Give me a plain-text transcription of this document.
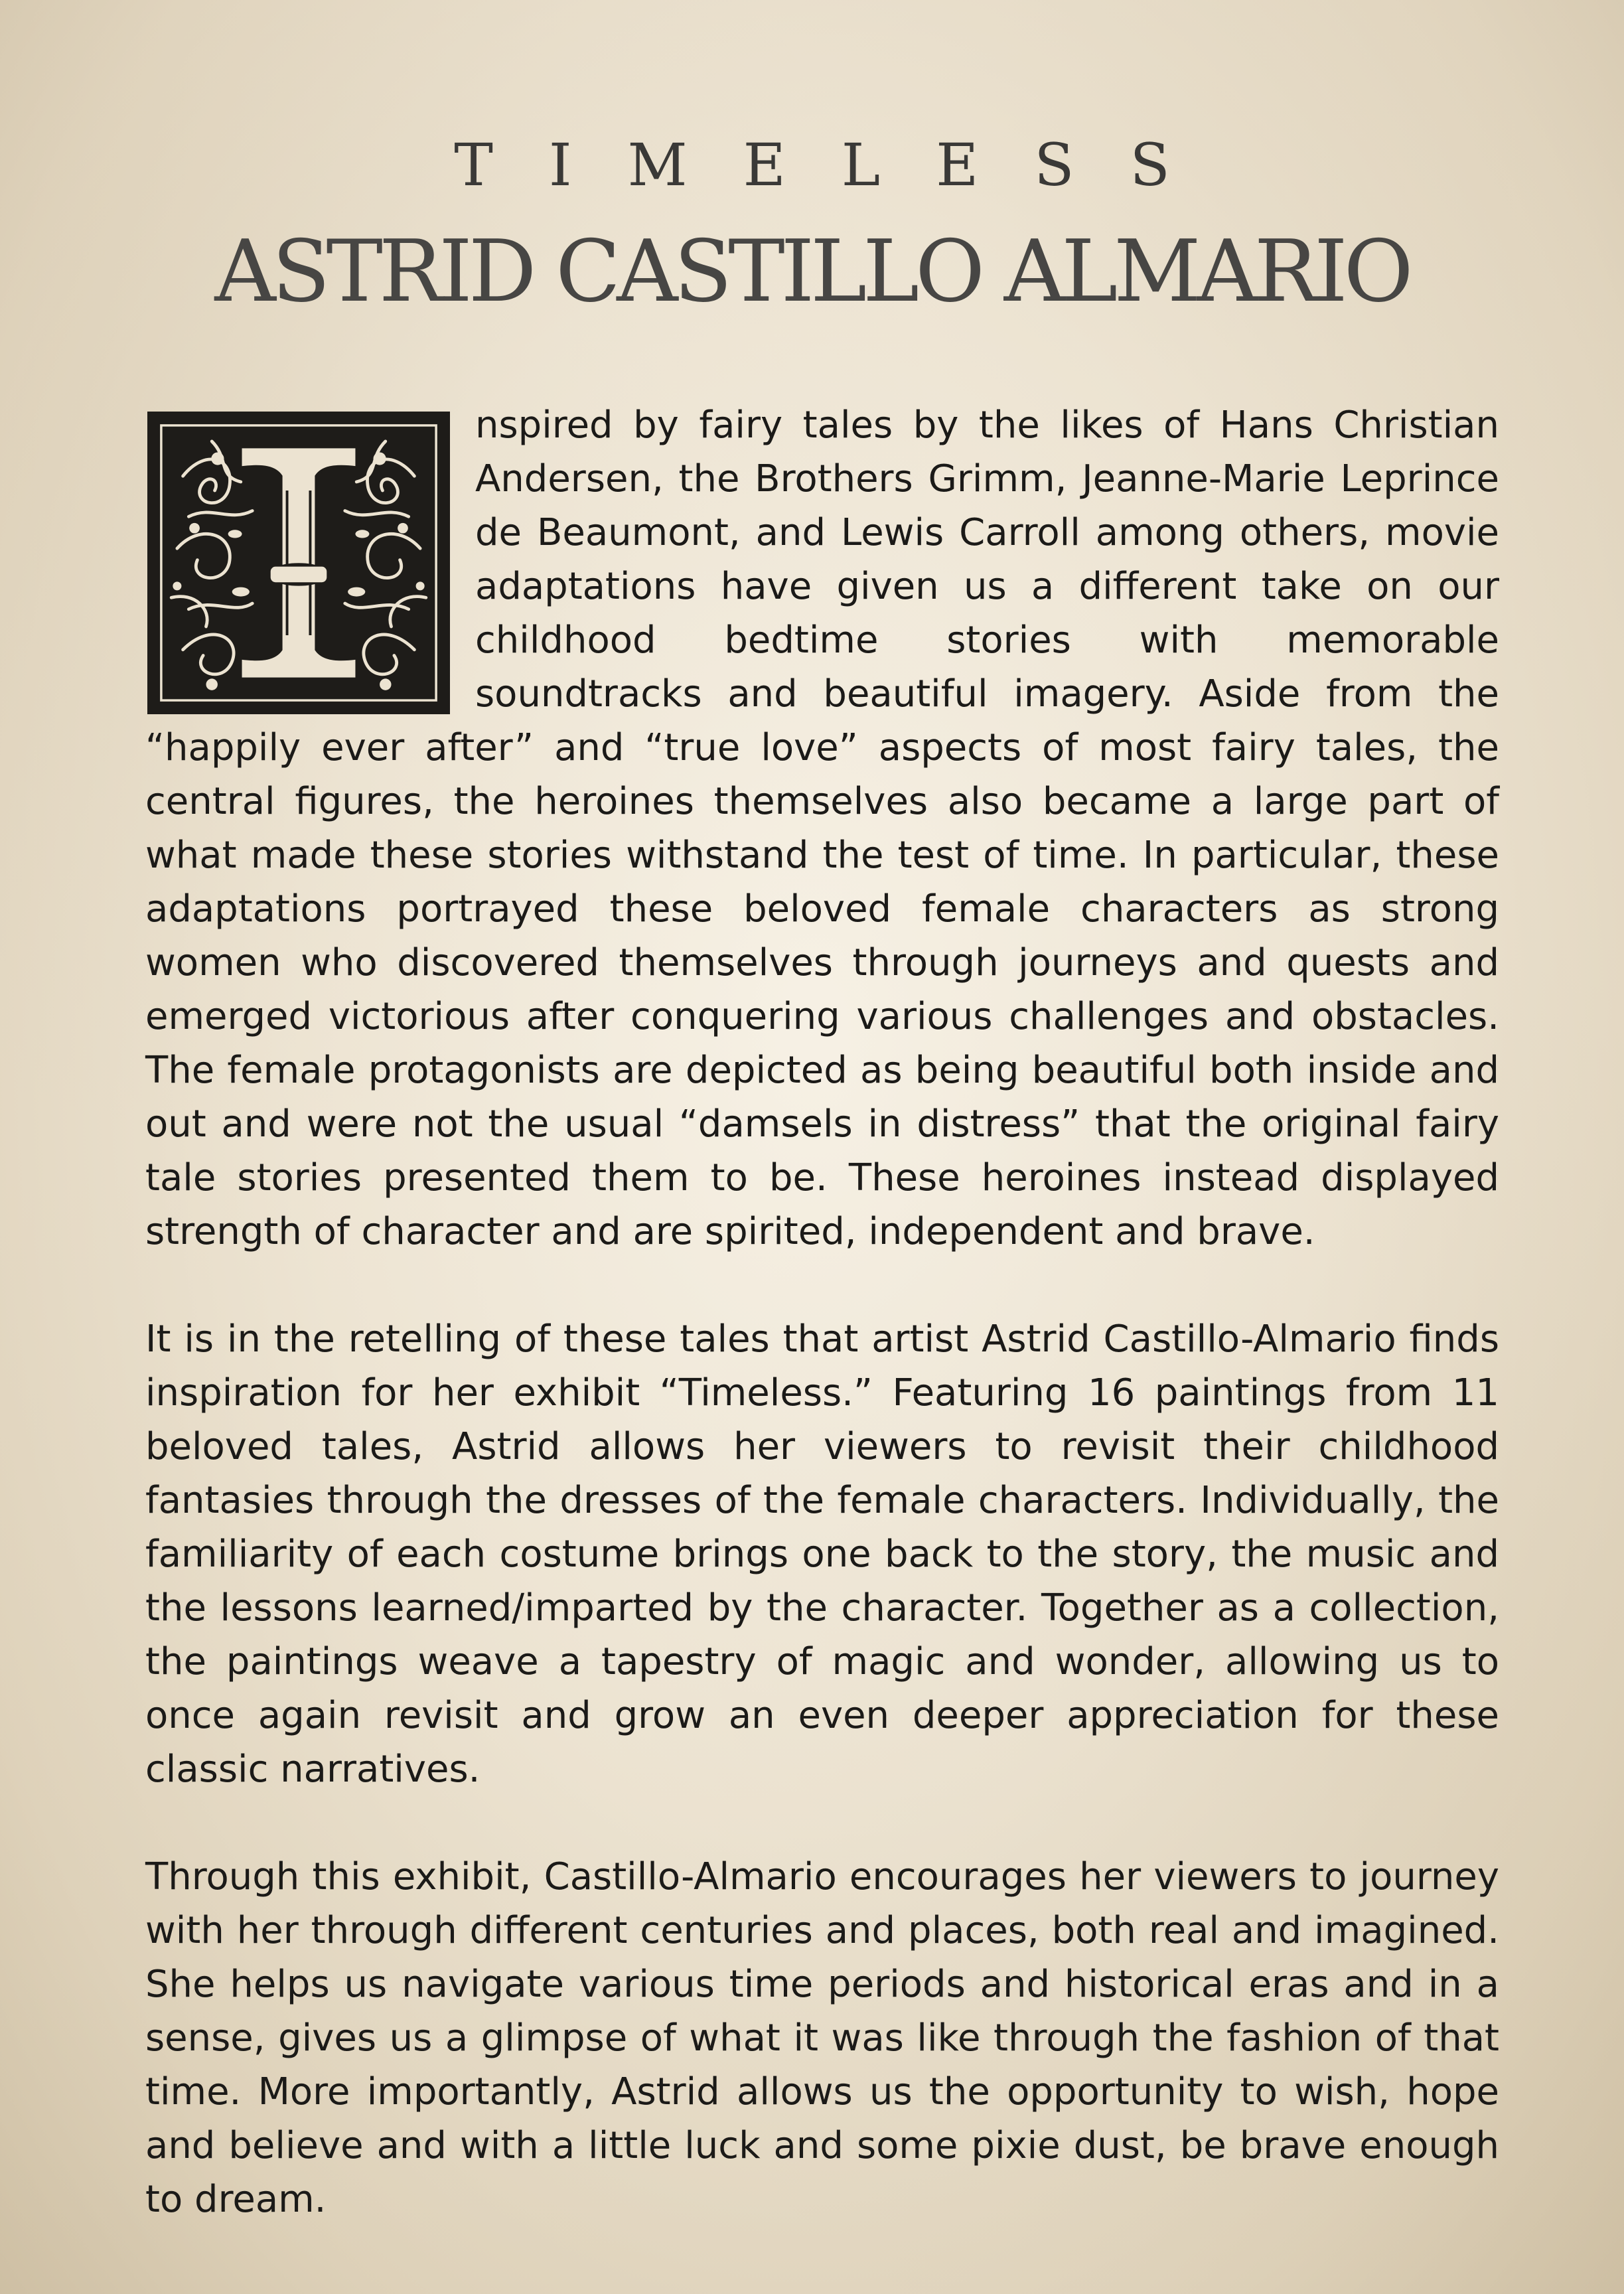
T   I   M   E   L   E   S   S
ASTRID CASTILLO ALMARIO

nspired by fairy tales by the likes of Hans Christian Andersen, the Brothers Grimm, Jeanne-Marie Leprince de Beaumont, and Lewis Carroll among others, movie adaptations have given us a different take on our childhood bedtime stories with memorable soundtracks and beautiful imagery. Aside from the “happily ever after” and “true love” aspects of most fairy tales, the central figures, the heroines themselves also became a large part of what made these stories withstand the test of time. In particular, these adaptations portrayed these beloved female characters as strong women who discovered themselves through journeys and quests and emerged victorious after conquering various challenges and obstacles. The female protagonists are depicted as being beautiful both inside and out and were not the usual “damsels in distress” that the original fairy tale stories presented them to be. These heroines instead displayed strength of character and are spirited, independent and brave.

It is in the retelling of these tales that artist Astrid Castillo-Almario finds inspiration for her exhibit “Timeless.” Featuring 16 paintings from 11 beloved tales, Astrid allows her viewers to revisit their childhood fantasies through the dresses of the female characters. Individually, the familiarity of each costume brings one back to the story, the music and the lessons learned/imparted by the character. Together as a collection, the paintings weave a tapestry of magic and wonder, allowing us to once again revisit and grow an even deeper appreciation for these classic narratives.

Through this exhibit, Castillo-Almario encourages her viewers to journey with her through different centuries and places, both real and imagined. She helps us navigate various time periods and historical eras and in a sense, gives us a glimpse of what it was like through the fashion of that time. More importantly, Astrid allows us the opportunity to wish, hope and believe and with a little luck and some pixie dust, be brave enough to dream.
